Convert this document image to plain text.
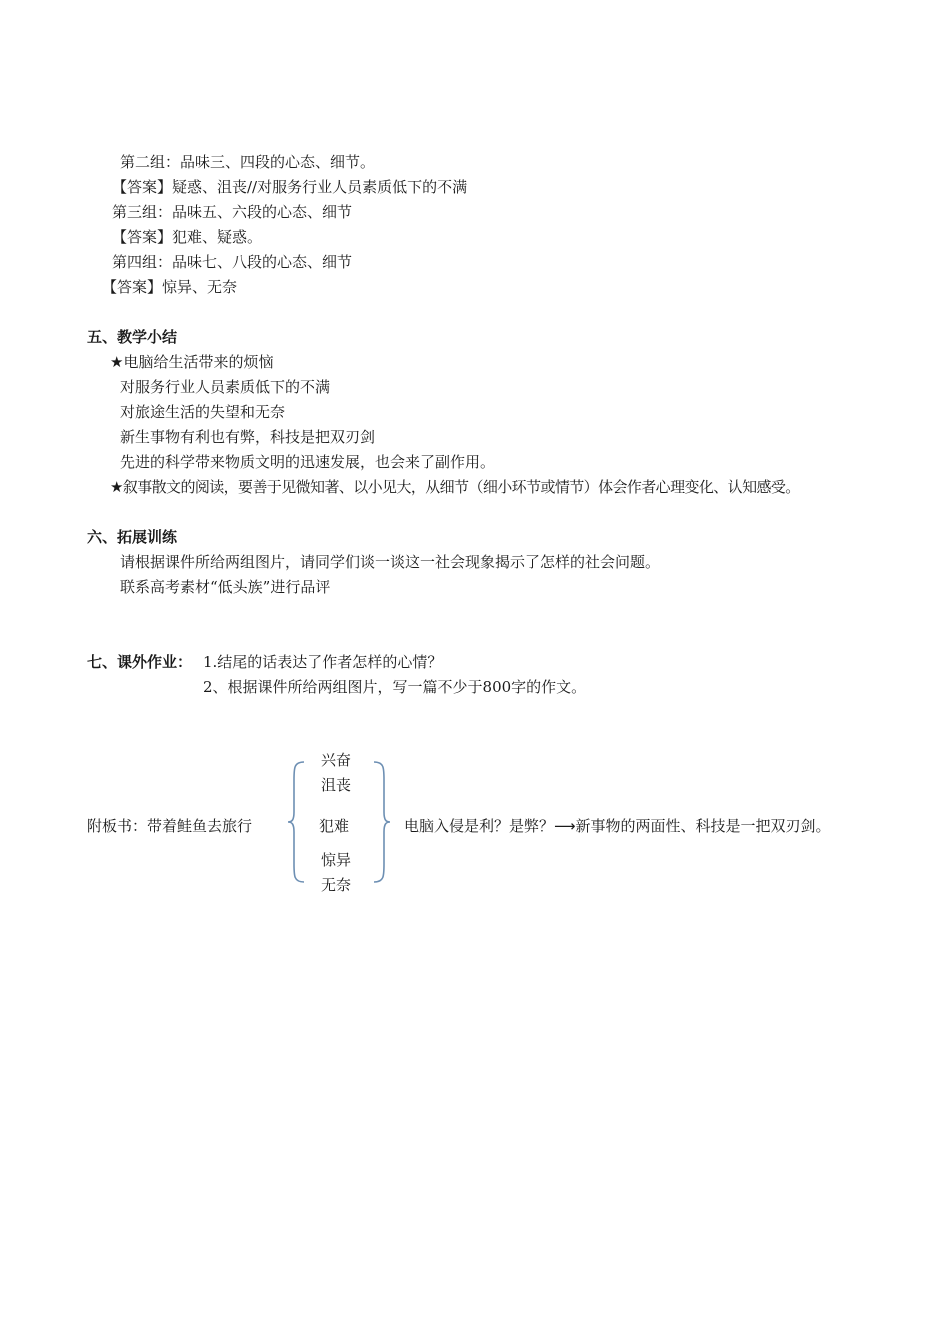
第二组：品味三、四段的心态、细节。
【答案】疑惑、沮丧//对服务行业人员素质低下的不满
第三组：品味五、六段的心态、细节
【答案】犯难、疑惑。
第四组：品味七、八段的心态、细节
【答案】惊异、无奈
五、教学小结
★电脑给生活带来的烦恼
对服务行业人员素质低下的不满
对旅途生活的失望和无奈
新生事物有利也有弊，科技是把双刃剑
先进的科学带来物质文明的迅速发展，也会来了副作用。
★叙事散文的阅读，要善于见微知著、以小见大，从细节（细小环节或情节）体会作者心理变化、认知感受。
六、拓展训练
请根据课件所给两组图片，请同学们谈一谈这一社会现象揭示了怎样的社会问题。
联系高考素材“低头族”进行品评
七、课外作业： 1.结尾的话表达了作者怎样的心情？
2、根据课件所给两组图片，写一篇不少于800字的作文。
附板书：带着鲑鱼去旅行
兴奋
沮丧
犯难
惊异
无奈
电脑入侵是利？是弊？⟶新事物的两面性、科技是一把双刃剑。
